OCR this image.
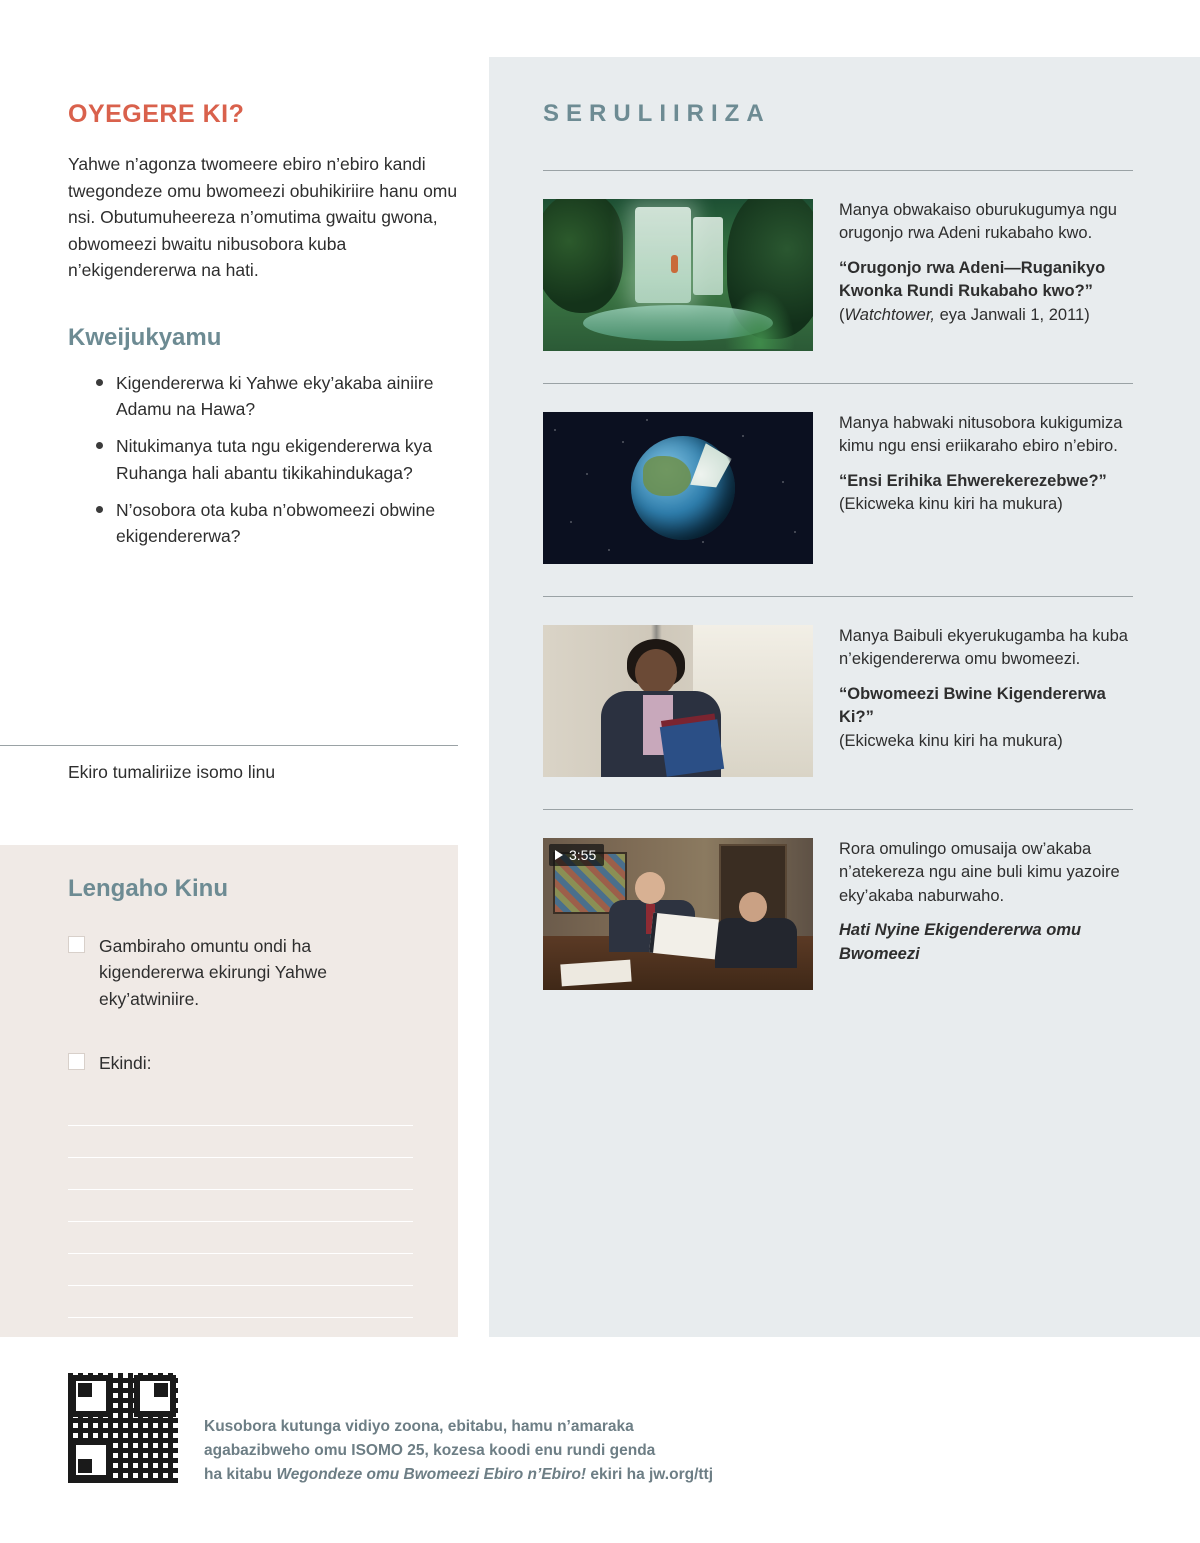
OYEGERE KI?

Yahwe n’agonza twomeere ebiro n’ebiro kandi twegondeze omu bwomeezi obuhikiriire hanu omu nsi. Obutumuheereza n’omutima gwaitu gwona, obwomeezi bwaitu nibusobora kuba n’ekigendererwa na hati.

Kweijukyamu
Kigendererwa ki Yahwe eky’akaba ainiire Adamu na Hawa?
Nitukimanya tuta ngu ekigendererwa kya Ruhanga hali abantu tikikahindukaga?
N’osobora ota kuba n’obwomeezi obwine ekigendererwa?
Ekiro tumaliriize isomo linu
Lengaho Kinu
Gambiraho omuntu ondi ha kigendererwa ekirungi Yahwe eky’atwiniire.
Ekindi:
SERULIIRIZA

Manya obwakaiso oburukugumya ngu orugonjo rwa Adeni rukabaho kwo.

“Orugonjo rwa Adeni—Ruganikyo Kwonka Rundi Rukabaho kwo?” (Watchtower, eya Janwali 1, 2011)

Manya habwaki nitusobora kukigumiza kimu ngu ensi eriikaraho ebiro n’ebiro.

“Ensi Erihika Ehwerekerezebwe?” (Ekicweka kinu kiri ha mukura)

Manya Baibuli ekyerukugamba ha kuba n’ekigendererwa omu bwomeezi.

“Obwomeezi Bwine Kigendererwa Ki?”
(Ekicweka kinu kiri ha mukura)

3:55	Rora omulingo omusaija ow’akaba n’atekereza ngu aine buli kimu yazoire eky’akaba naburwaho.

Hati Nyine Ekigendererwa omu Bwomeezi

Kusobora kutunga vidiyo zoona, ebitabu, hamu n’amaraka

agabazibweho omu ISOMO 25, kozesa koodi enu rundi genda

ha kitabu Wegondeze omu Bwomeezi Ebiro n’Ebiro! ekiri ha jw.org/ttj
